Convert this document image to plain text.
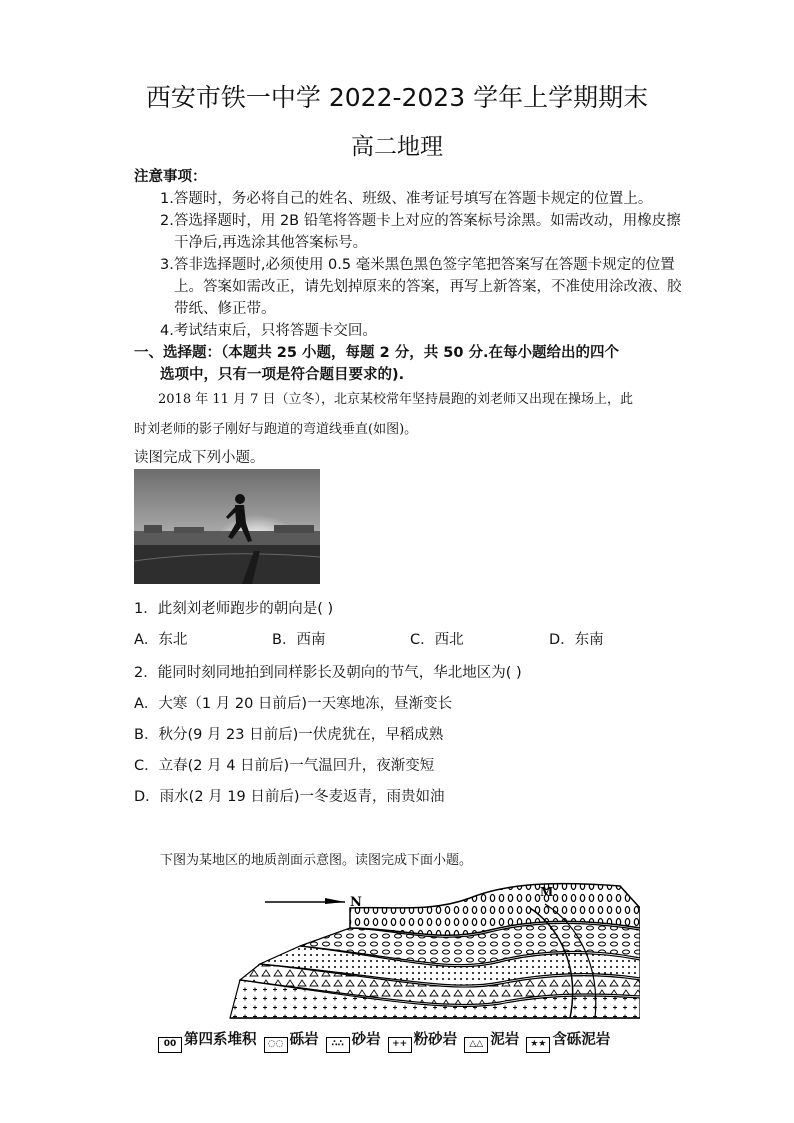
西安市铁一中学 2022-2023 学年上学期期末
高二地理
注意事项：
1.答题时，务必将自己的姓名、班级、准考证号填写在答题卡规定的位置上。
2.答选择题时，用 2B 铅笔将答题卡上对应的答案标号涂黑。如需改动，用橡皮擦
干净后,再选涂其他答案标号。
3.答非选择题时,必须使用 0.5 毫米黑色黑色签字笔把答案写在答题卡规定的位置
上。答案如需改正，请先划掉原来的答案，再写上新答案，不准使用涂改液、胶
带纸、修正带。
4.考试结束后，只将答题卡交回。
一、选择题：（本题共 25 小题，每题 2 分，共 50 分.在每小题给出的四个
选项中，只有一项是符合题目要求的).
2018 年 11 月 7 日（立冬），北京某校常年坚持晨跑的刘老师又出现在操场上，此
时刘老师的影子刚好与跑道的弯道线垂直(如图)。
读图完成下列小题。
1．此刻刘老师跑步的朝向是( )
A．东北	B．西南	C．西北	D．东南
2．能同时刻同地拍到同样影长及朝向的节气，华北地区为( )
A．大寒（1 月 20 日前后)一天寒地冻，昼渐变长
B．秋分(9 月 23 日前后)一伏虎犹在，早稻成熟
C．立春(2 月 4 日前后)一气温回升，夜渐变短
D．雨水(2 月 19 日前后)一冬麦返青，雨贵如油
下图为某地区的地质剖面示意图。读图完成下面小题。
N
00 第四系堆积 ◌◌ 砾岩 ∴∴ 砂岩 ++ 粉砂岩 △△ 泥岩 ★★ 含砾泥岩
